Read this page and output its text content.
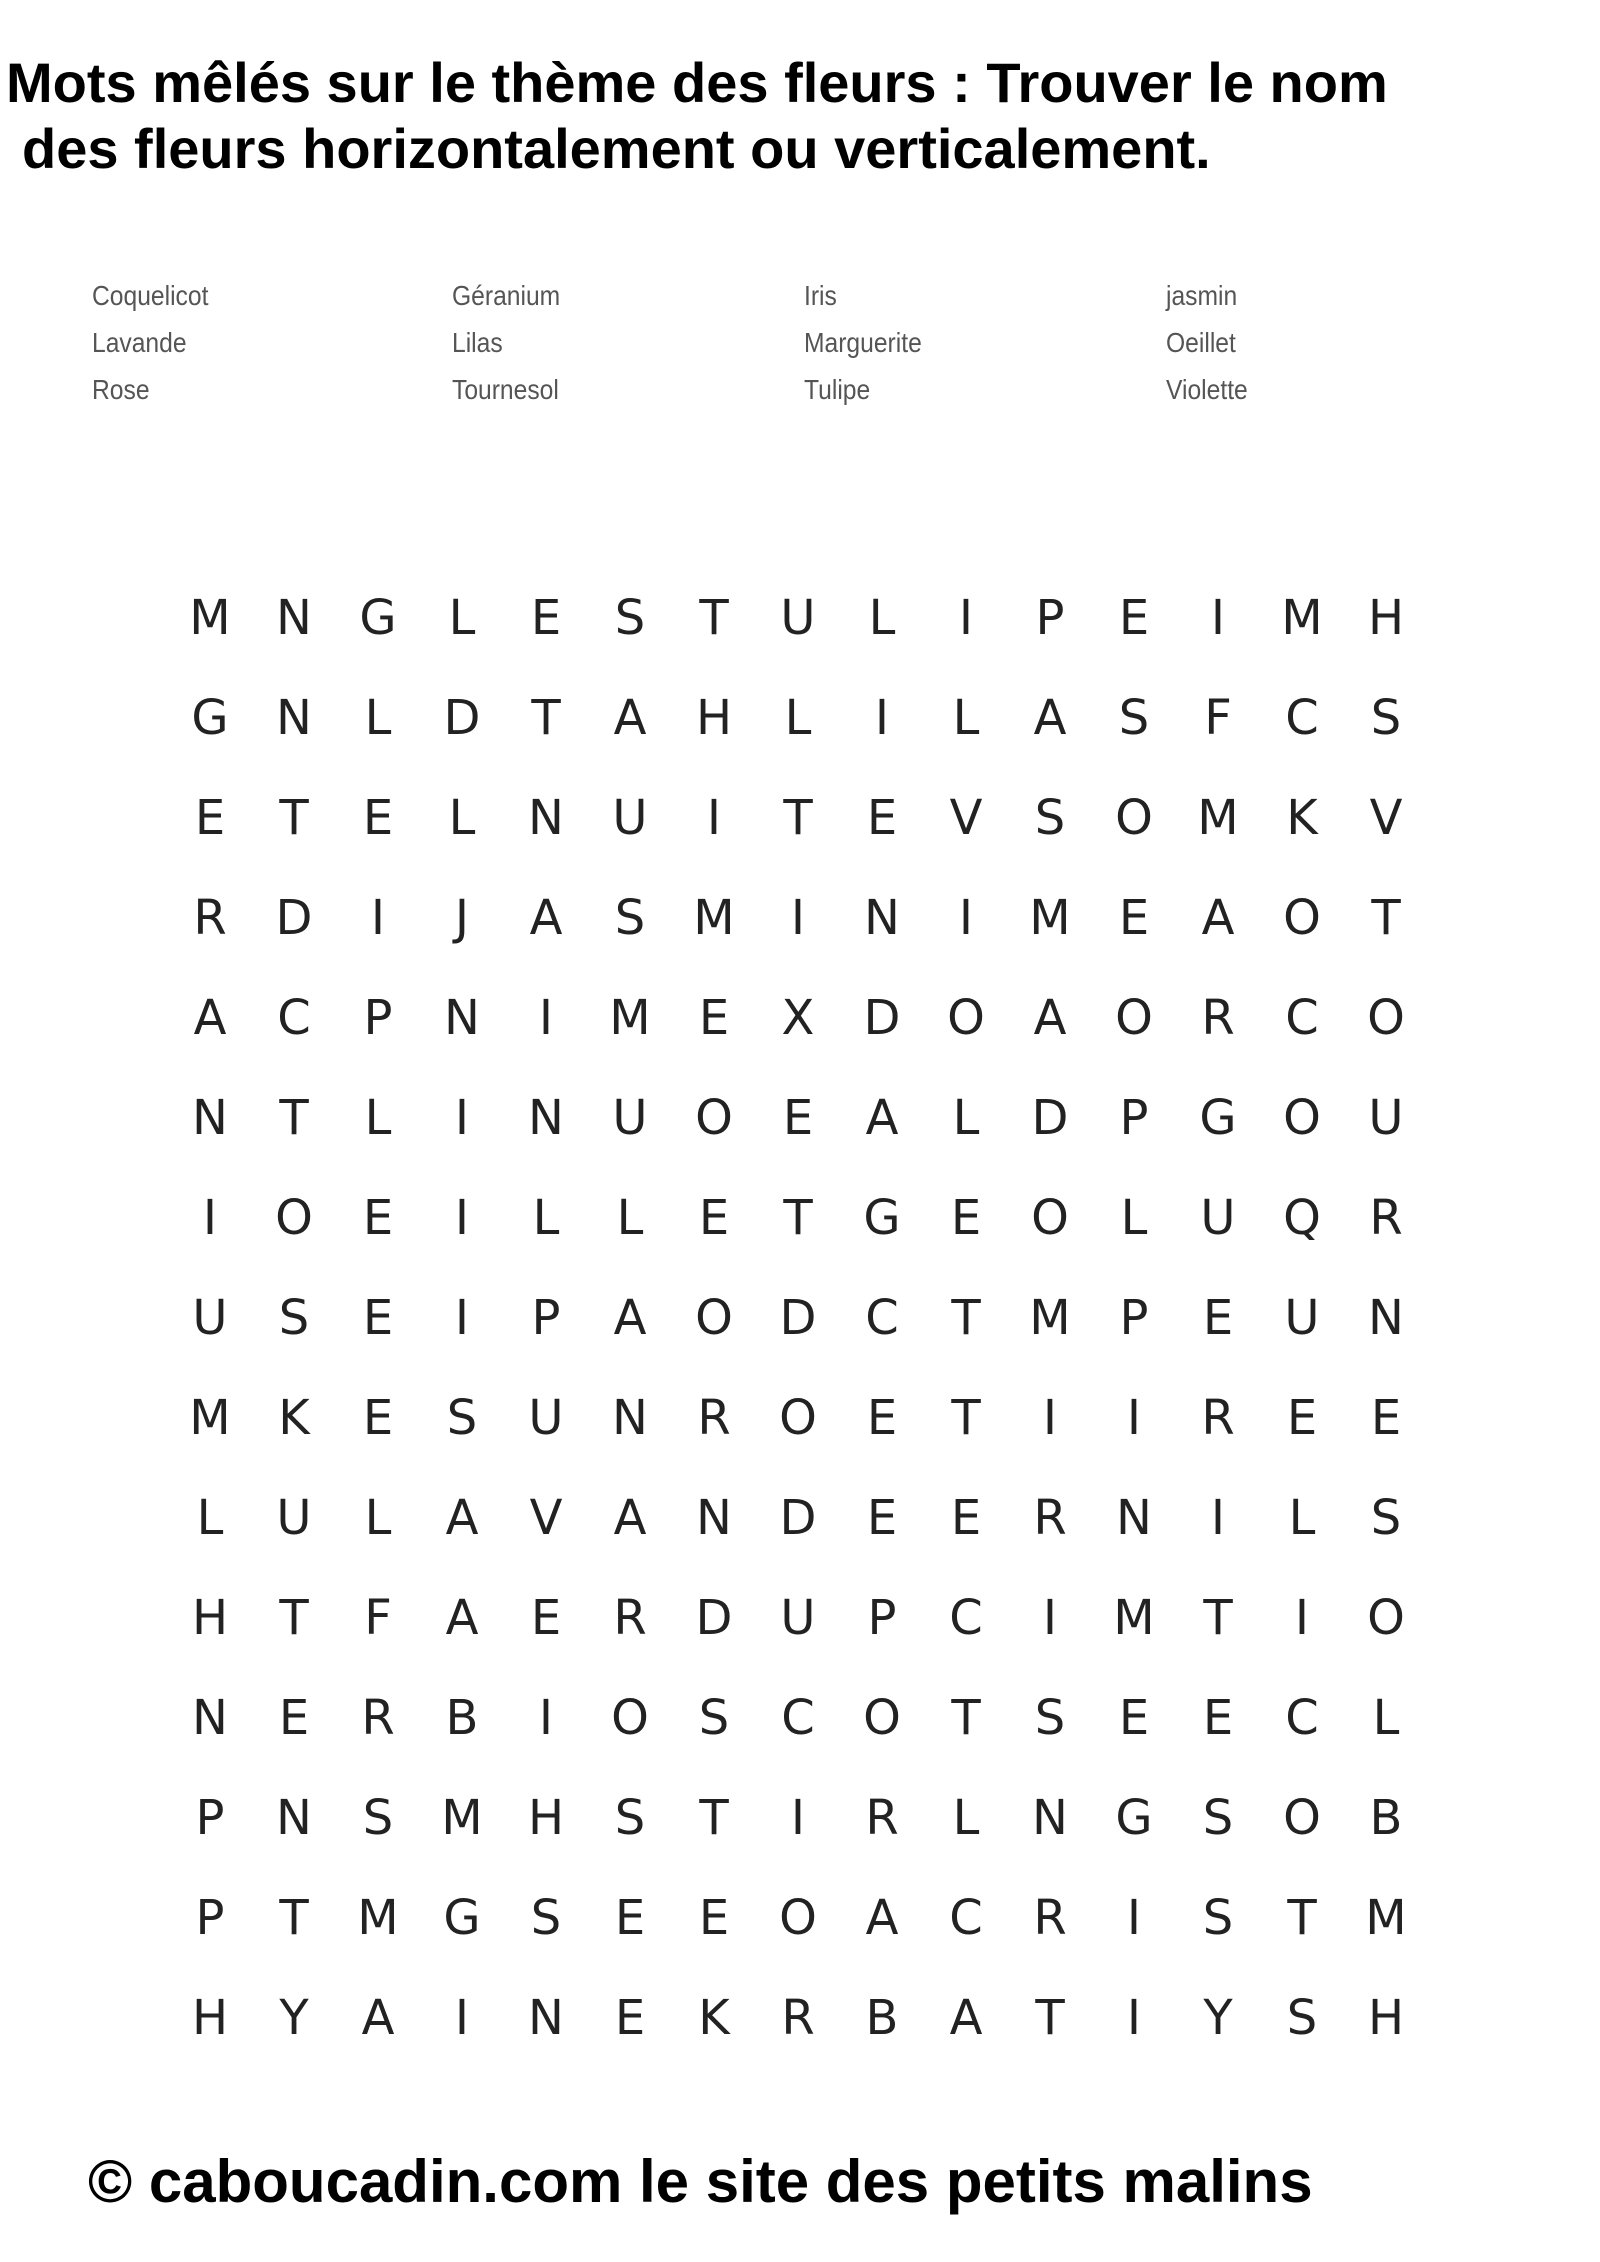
Mots mêlés sur le thème des fleurs : Trouver le nom
des fleurs horizontalement ou verticalement.
Coquelicot	Géranium	Iris	jasmin
Lavande	Lilas	Marguerite	Oeillet
Rose	Tournesol	Tulipe	Violette
M N G	L	E	S	T	U	L	I	P	E	I	M H
G N	L	D	T	A	H	L	I	L	A	S	F	C	S
E	T	E	L	N	U	I	T	E	V	S	O M K	V
R	D	I	J	A	S	M	I	N	I	M	E	A	O	T
A	C	P	N	I	M	E	X	D O	A	O	R	C	O
N	T	L	I	N	U O	E	A	L	D	P	G O U
I	O	E	I	L	L	E	T	G	E	O	L	U Q	R
U	S	E	I	P	A	O D	C	T	M	P	E	U	N
M K	E	S	U	N	R	O	E	T	I	I	R	E	E
L	U	L	A	V	A	N D	E	E	R	N	I	L	S
H	T	F	A	E	R	D U	P	C	I	M	T	I	O
N	E	R	B	I	O	S	C	O	T	S	E	E	C	L
P	N	S	M H	S	T	I	R	L	N G	S	O	B
P	T	M G	S	E	E	O	A	C	R	I	S	T	M
H	Y	A	I	N	E	K	R	B	A	T	I	Y	S	H
© caboucadin.com le site des petits malins
